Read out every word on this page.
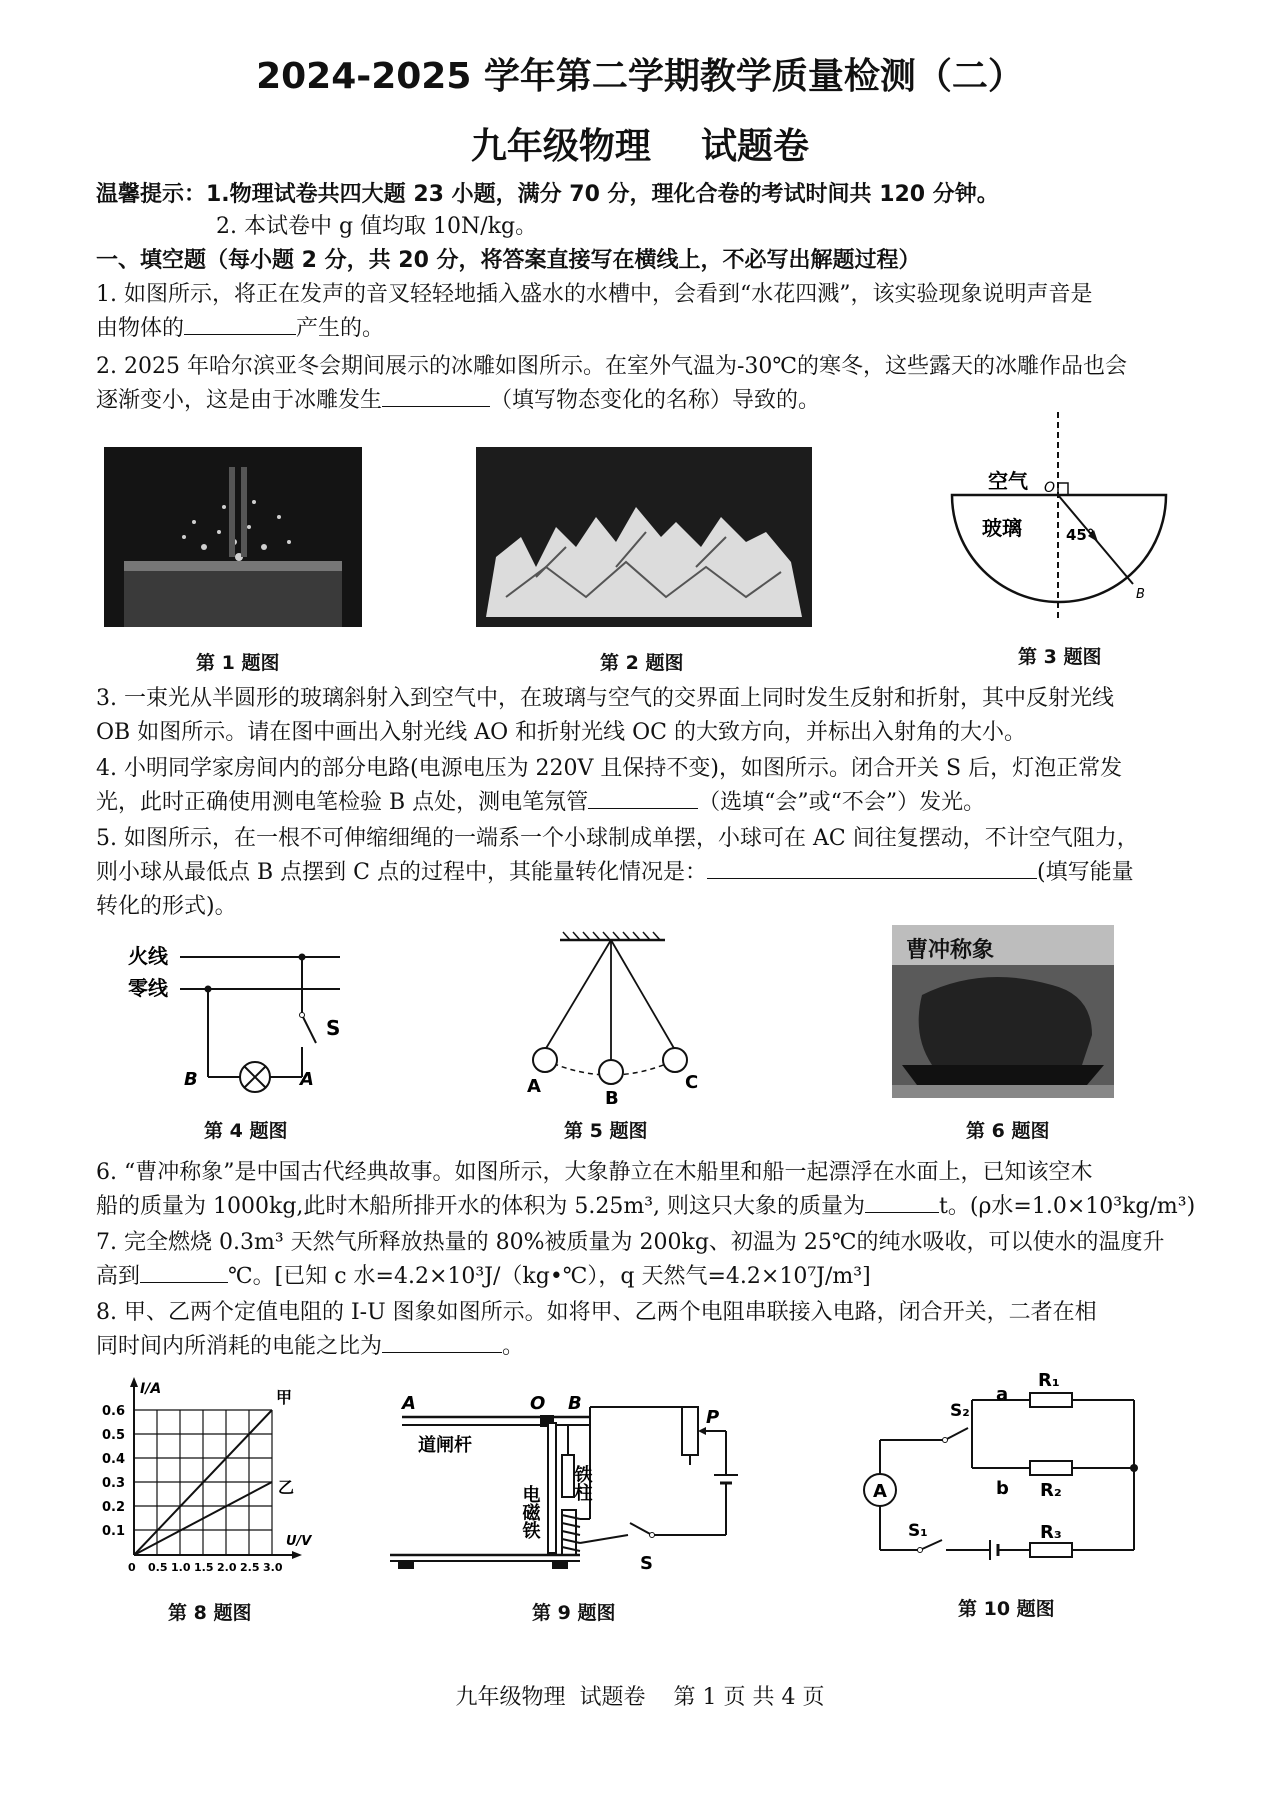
2024-2025 学年第二学期教学质量检测（二）
九年级物理    试题卷
温馨提示：1.物理试卷共四大题 23 小题，满分 70 分，理化合卷的考试时间共 120 分钟。
2. 本试卷中 g 值均取 10N/kg。
一、填空题（每小题 2 分，共 20 分，将答案直接写在横线上，不必写出解题过程）
1. 如图所示，将正在发声的音叉轻轻地插入盛水的水槽中，会看到“水花四溅”，该实验现象说明声音是
由物体的	产生的。
2. 2025 年哈尔滨亚冬会期间展示的冰雕如图所示。在室外气温为-30℃的寒冬，这些露天的冰雕作品也会
逐渐变小，这是由于冰雕发生	（填写物态变化的名称）导致的。
第 1 题图	第 2 题图
空气
玻璃
O
45°
B
第 3 题图
3. 一束光从半圆形的玻璃斜射入到空气中，在玻璃与空气的交界面上同时发生反射和折射，其中反射光线
OB 如图所示。请在图中画出入射光线 AO 和折射光线 OC 的大致方向，并标出入射角的大小。
4. 小明同学家房间内的部分电路(电源电压为 220V 且保持不变)，如图所示。闭合开关 S 后，灯泡正常发
光，此时正确使用测电笔检验 B 点处，测电笔氖管	（选填“会”或“不会”）发光。
5. 如图所示，在一根不可伸缩细绳的一端系一个小球制成单摆，小球可在 AC 间往复摆动，不计空气阻力，
则小球从最低点 B 点摆到 C 点的过程中，其能量转化情况是：	(填写能量
转化的形式)。
火线
零线
S
B	A
第 4 题图
A
B
C
第 5 题图
曹冲称象
第 6 题图
6. “曹冲称象”是中国古代经典故事。如图所示，大象静立在木船里和船一起漂浮在水面上，已知该空木
船的质量为 1000kg,此时木船所排开水的体积为 5.25m³, 则这只大象的质量为	t。(ρ水=1.0×10³kg/m³)
7. 完全燃烧 0.3m³ 天然气所释放热量的 80%被质量为 200kg、初温为 25℃的纯水吸收，可以使水的温度升
高到	℃。[已知 c 水=4.2×10³J/（kg•℃），q 天然气=4.2×10⁷J/m³]
8. 甲、乙两个定值电阻的 I-U 图象如图所示。如将甲、乙两个电阻串联接入电路，闭合开关，二者在相
同时间内所消耗的电能之比为	。
I/A
U/V
甲
乙
0.6
0.5
0.4
0.3
0.2
0.1
0 0.5 1.0 1.5 2.0 2.5 3.0
第 8 题图
A	O B
P
S
道闸杆
铁柱
电磁铁
第 9 题图
A
R₁
R₂
R₃
S₂
S₁
a
b
第 10 题图
九年级物理  试题卷    第 1 页 共 4 页
